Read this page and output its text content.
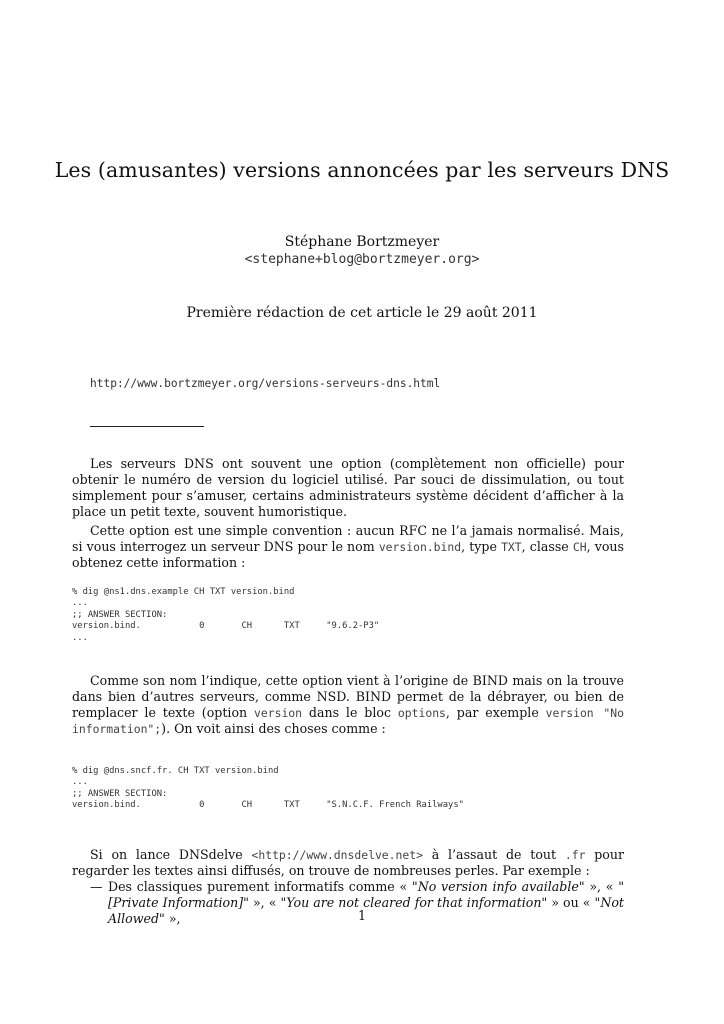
Les (amusantes) versions annoncées par les serveurs DNS
Stéphane Bortzmeyer
<stephane+blog@bortzmeyer.org>
Première rédaction de cet article le 29 août 2011
http://www.bortzmeyer.org/versions-serveurs-dns.html
Les serveurs DNS ont souvent une option (complètement non officielle) pour obtenir le numéro de version du logiciel utilisé. Par souci de dissimulation, ou tout simplement pour s’amuser, certains administrateurs système décident d’afficher à la place un petit texte, souvent humoristique.
Cette option est une simple convention : aucun RFC ne l’a jamais normalisé. Mais, si vous interrogez un serveur DNS pour le nom version.bind, type TXT, classe CH, vous obtenez cette information :
% dig @ns1.dns.example CH TXT version.bind
...
;; ANSWER SECTION:
version.bind.           0       CH      TXT     "9.6.2-P3"
...
Comme son nom l’indique, cette option vient à l’origine de BIND mais on la trouve dans bien d’autres serveurs, comme NSD. BIND permet de la débrayer, ou bien de remplacer le texte (option version dans le bloc options, par exemple version "No information";). On voit ainsi des choses comme :
% dig @dns.sncf.fr. CH TXT version.bind
...
;; ANSWER SECTION:
version.bind.           0       CH      TXT     "S.N.C.F. French Railways"
Si on lance DNSdelve <http://www.dnsdelve.net> à l’assaut de tout .fr pour regarder les textes ainsi diffusés, on trouve de nombreuses perles. Par exemple :
— Des classiques purement informatifs comme « "No version info available" », « "[Private Information]" », « "You are not cleared for that information" » ou « "Not Allowed" »,	1
